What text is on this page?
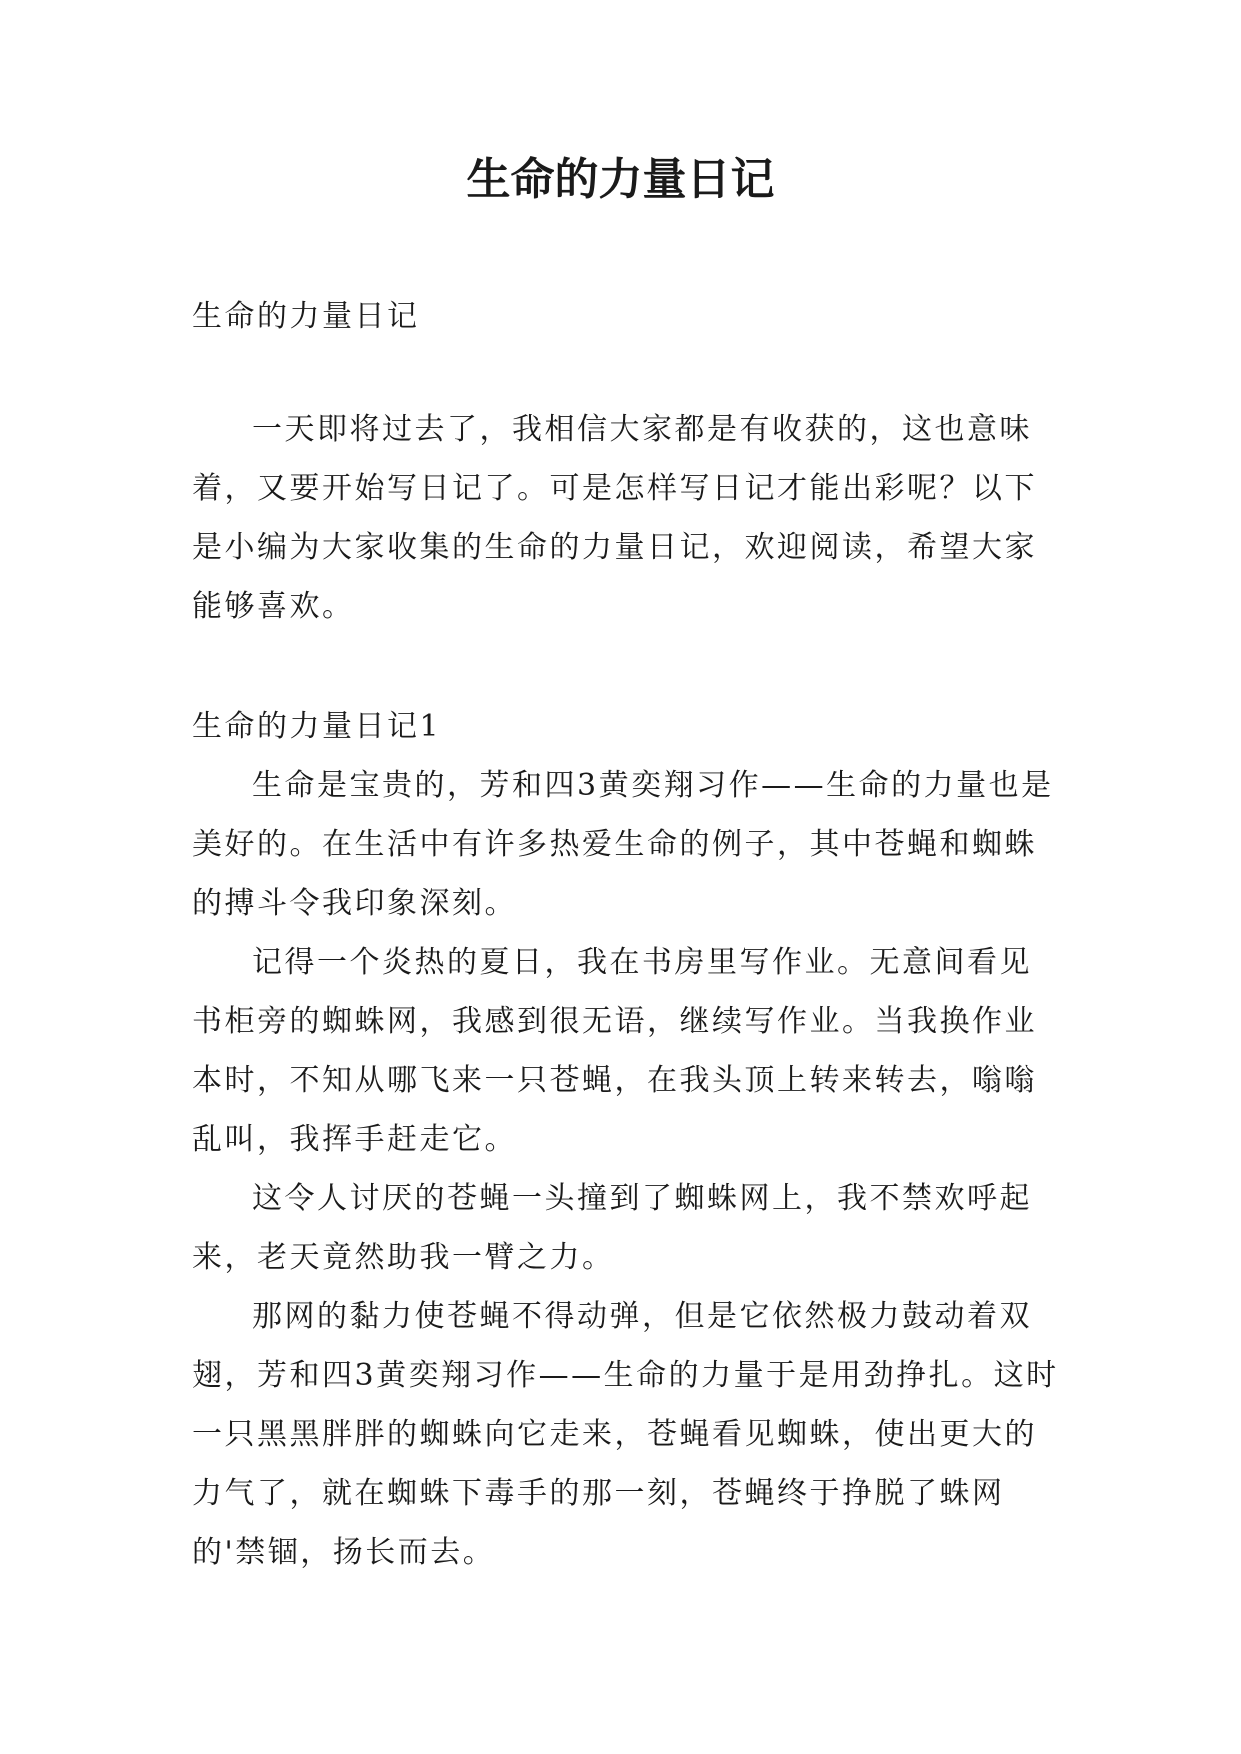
生命的力量日记

生命的力量日记

一天即将过去了，我相信大家都是有收获的，这也意味着，又要开始写日记了。可是怎样写日记才能出彩呢？以下是小编为大家收集的生命的力量日记，欢迎阅读，希望大家能够喜欢。

生命的力量日记1

生命是宝贵的，芳和四3黄奕翔习作——生命的力量也是美好的。在生活中有许多热爱生命的例子，其中苍蝇和蜘蛛的搏斗令我印象深刻。

记得一个炎热的夏日，我在书房里写作业。无意间看见书柜旁的蜘蛛网，我感到很无语，继续写作业。当我换作业本时，不知从哪飞来一只苍蝇，在我头顶上转来转去，嗡嗡乱叫，我挥手赶走它。

这令人讨厌的苍蝇一头撞到了蜘蛛网上，我不禁欢呼起来，老天竟然助我一臂之力。

那网的黏力使苍蝇不得动弹，但是它依然极力鼓动着双翅，芳和四3黄奕翔习作——生命的力量于是用劲挣扎。这时一只黑黑胖胖的蜘蛛向它走来，苍蝇看见蜘蛛，使出更大的力气了，就在蜘蛛下毒手的那一刻，苍蝇终于挣脱了蛛网的'禁锢，扬长而去。
